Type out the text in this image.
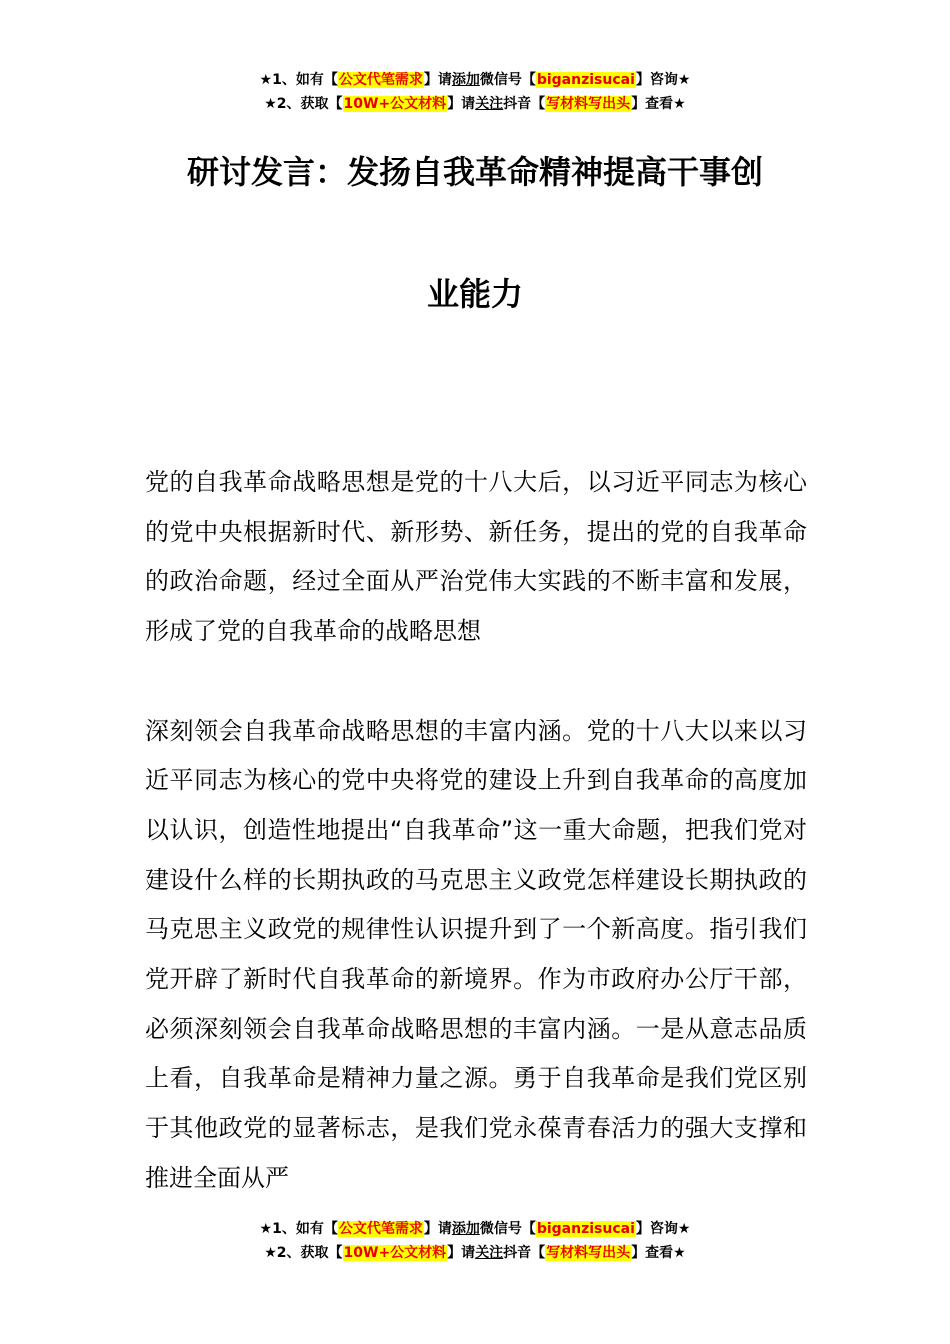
★1、如有【公文代笔需求】请添加微信号【biganzisucai】咨询★
★2、获取【10W+公文材料】请关注抖音【写材料写出头】查看★
研讨发言：发扬自我革命精神提高干事创
业能力

党的自我革命战略思想是党的十八大后，以习近平同志为核心的党中央根据新时代、新形势、新任务，提出的党的自我革命的政治命题，经过全面从严治党伟大实践的不断丰富和发展，形成了党的自我革命的战略思想

深刻领会自我革命战略思想的丰富内涵。党的十八大以来以习近平同志为核心的党中央将党的建设上升到自我革命的高度加以认识，创造性地提出“自我革命”这一重大命题，把我们党对建设什么样的长期执政的马克思主义政党怎样建设长期执政的马克思主义政党的规律性认识提升到了一个新高度。指引我们党开辟了新时代自我革命的新境界。作为市政府办公厅干部，必须深刻领会自我革命战略思想的丰富内涵。一是从意志品质上看，自我革命是精神力量之源。勇于自我革命是我们党区别于其他政党的显著标志，是我们党永葆青春活力的强大支撑和推进全面从严

★1、如有【公文代笔需求】请添加微信号【biganzisucai】咨询★
★2、获取【10W+公文材料】请关注抖音【写材料写出头】查看★
